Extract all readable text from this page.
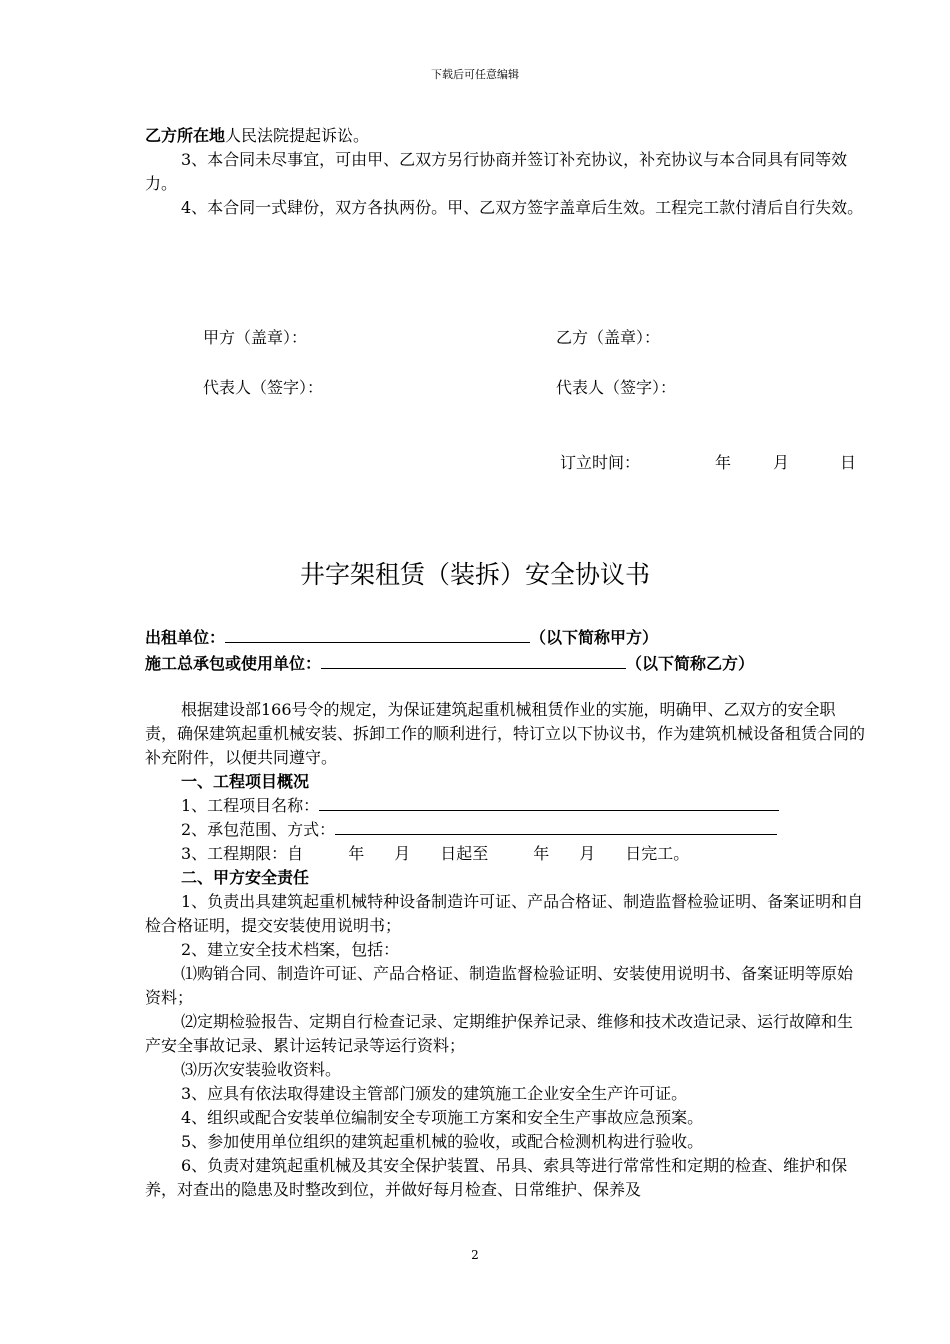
下载后可任意编辑

乙方所在地人民法院提起诉讼。

3、本合同未尽事宜，可由甲、乙双方另行协商并签订补充协议，补充协议与本合同具有同等效力。

4、本合同一式肆份，双方各执两份。甲、乙双方签字盖章后生效。工程完工款付清后自行失效。

甲方（盖章）：	乙方（盖章）：
代表人（签字）：	代表人（签字）：
订立时间：	年	月	日
井字架租赁（装拆）安全协议书
出租单位：	（以下简称甲方）
施工总承包或使用单位：	（以下简称乙方）

根据建设部166号令的规定，为保证建筑起重机械租赁作业的实施，明确甲、乙双方的安全职责，确保建筑起重机械安装、拆卸工作的顺利进行，特订立以下协议书，作为建筑机械设备租赁合同的补充附件，以便共同遵守。

一、工程项目概况

1、工程项目名称：

2、承包范围、方式：

3、工程期限：自	年 月 日起至	年 月 日完工。

二、甲方安全责任

1、负责出具建筑起重机械特种设备制造许可证、产品合格证、制造监督检验证明、备案证明和自检合格证明，提交安装使用说明书；

2、建立安全技术档案，包括：

⑴购销合同、制造许可证、产品合格证、制造监督检验证明、安装使用说明书、备案证明等原始资料；

⑵定期检验报告、定期自行检查记录、定期维护保养记录、维修和技术改造记录、运行故障和生产安全事故记录、累计运转记录等运行资料；

⑶历次安装验收资料。

3、应具有依法取得建设主管部门颁发的建筑施工企业安全生产许可证。

4、组织或配合安装单位编制安全专项施工方案和安全生产事故应急预案。

5、参加使用单位组织的建筑起重机械的验收，或配合检测机构进行验收。

6、负责对建筑起重机械及其安全保护装置、吊具、索具等进行常常性和定期的检查、维护和保养，对查出的隐患及时整改到位，并做好每月检查、日常维护、保养及

2
